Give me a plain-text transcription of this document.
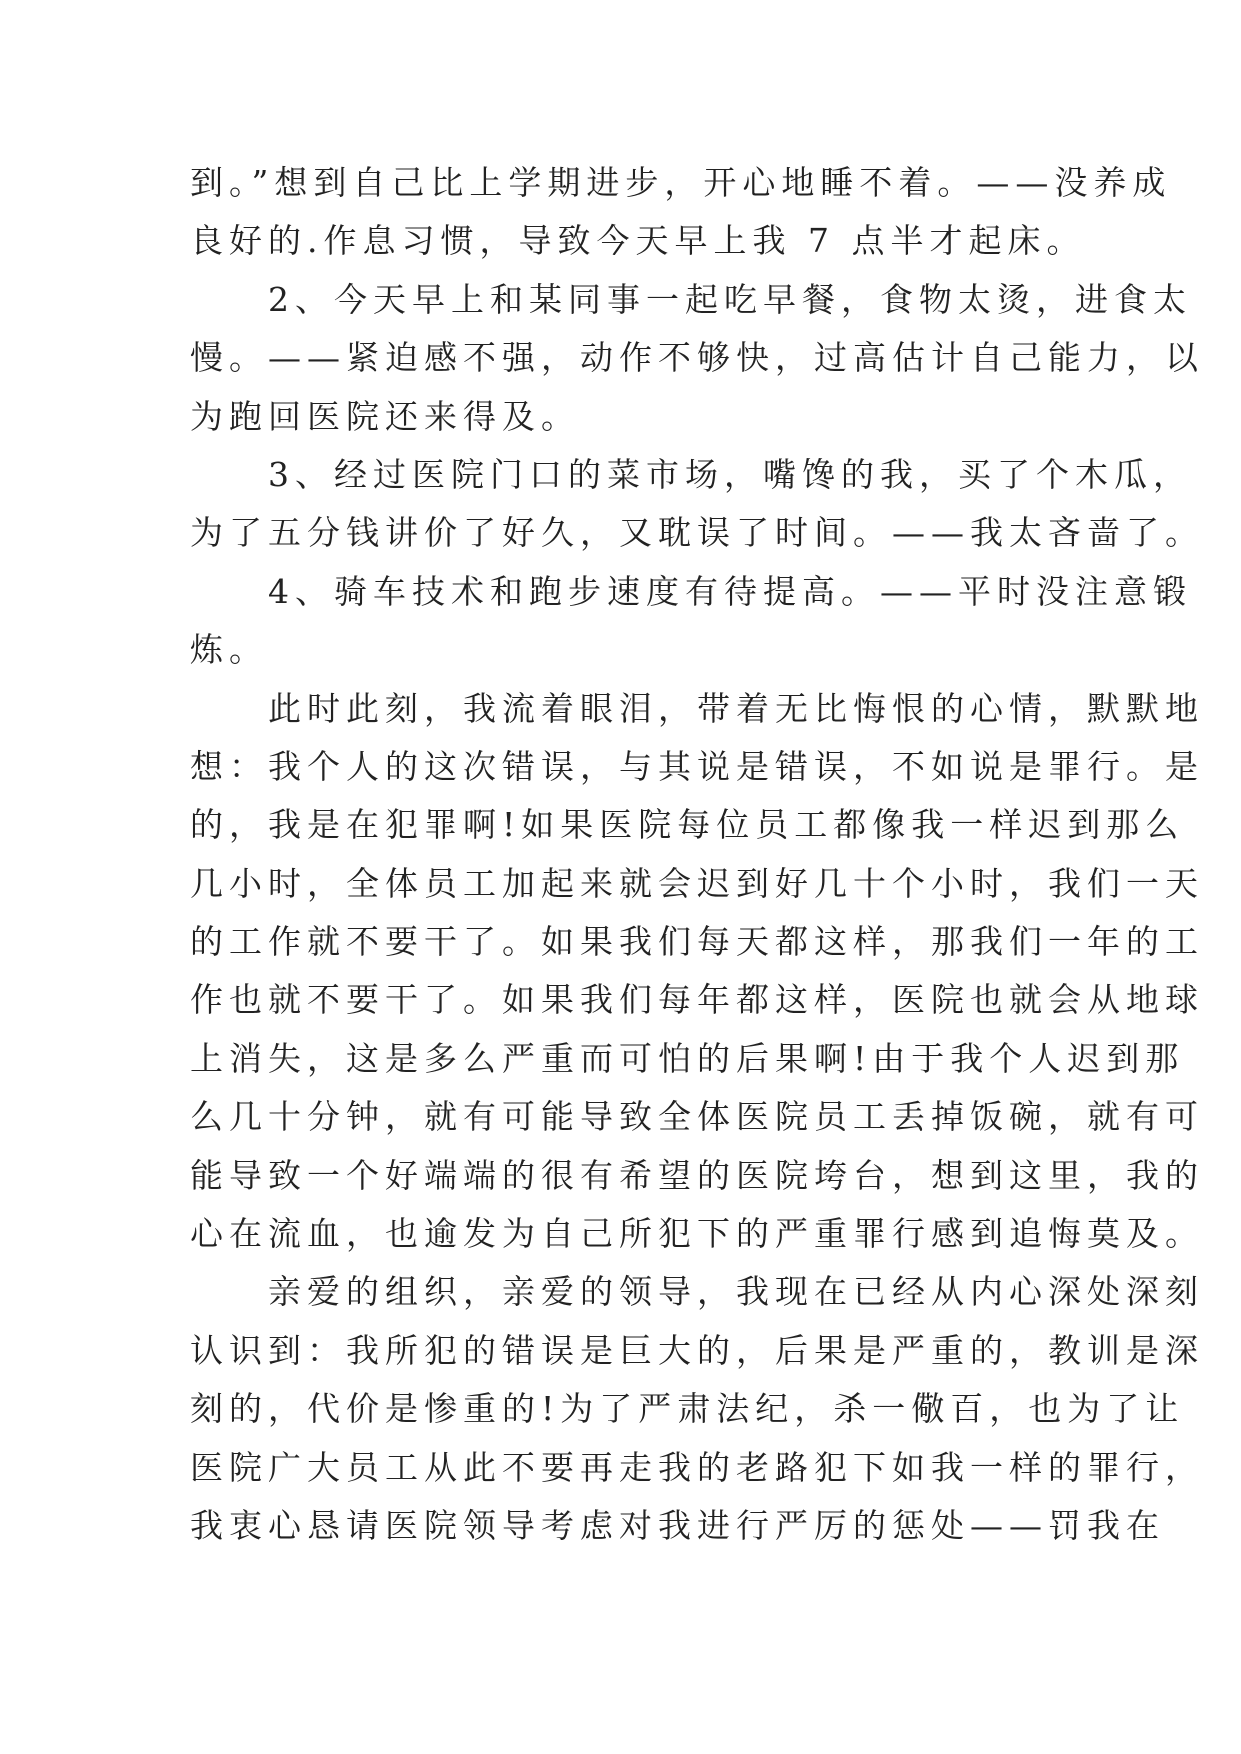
到。”想到自己比上学期进步，开心地睡不着。——没养成
良好的.作息习惯，导致今天早上我 7 点半才起床。
2、今天早上和某同事一起吃早餐，食物太烫，进食太
慢。——紧迫感不强，动作不够快，过高估计自己能力，以
为跑回医院还来得及。
3、经过医院门口的菜市场，嘴馋的我，买了个木瓜，
为了五分钱讲价了好久，又耽误了时间。——我太吝啬了。
4、骑车技术和跑步速度有待提高。——平时没注意锻
炼。
此时此刻，我流着眼泪，带着无比悔恨的心情，默默地
想：我个人的这次错误，与其说是错误，不如说是罪行。是
的，我是在犯罪啊!如果医院每位员工都像我一样迟到那么
几小时，全体员工加起来就会迟到好几十个小时，我们一天
的工作就不要干了。如果我们每天都这样，那我们一年的工
作也就不要干了。如果我们每年都这样，医院也就会从地球
上消失，这是多么严重而可怕的后果啊!由于我个人迟到那
么几十分钟，就有可能导致全体医院员工丢掉饭碗，就有可
能导致一个好端端的很有希望的医院垮台，想到这里，我的
心在流血，也逾发为自己所犯下的严重罪行感到追悔莫及。
亲爱的组织，亲爱的领导，我现在已经从内心深处深刻
认识到：我所犯的错误是巨大的，后果是严重的，教训是深
刻的，代价是惨重的!为了严肃法纪，杀一儆百，也为了让
医院广大员工从此不要再走我的老路犯下如我一样的罪行，
我衷心恳请医院领导考虑对我进行严厉的惩处——罚我在
